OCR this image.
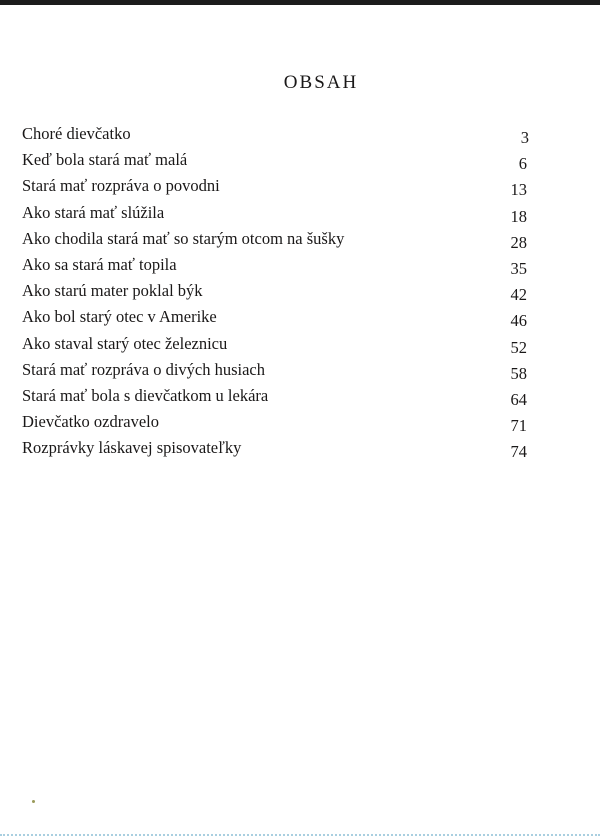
OBSAH
Choré dievčatko	3
Keď bola stará mať malá	6
Stará mať rozpráva o povodni	13
Ako stará mať slúžila	18
Ako chodila stará mať so starým otcom na šušky	28
Ako sa stará mať topila	35
Ako starú mater poklal býk	42
Ako bol starý otec v Amerike	46
Ako staval starý otec železnicu	52
Stará mať rozpráva o divých husiach	58
Stará mať bola s dievčatkom u lekára	64
Dievčatko ozdravelo	71
Rozprávky láskavej spisovateľky	74
